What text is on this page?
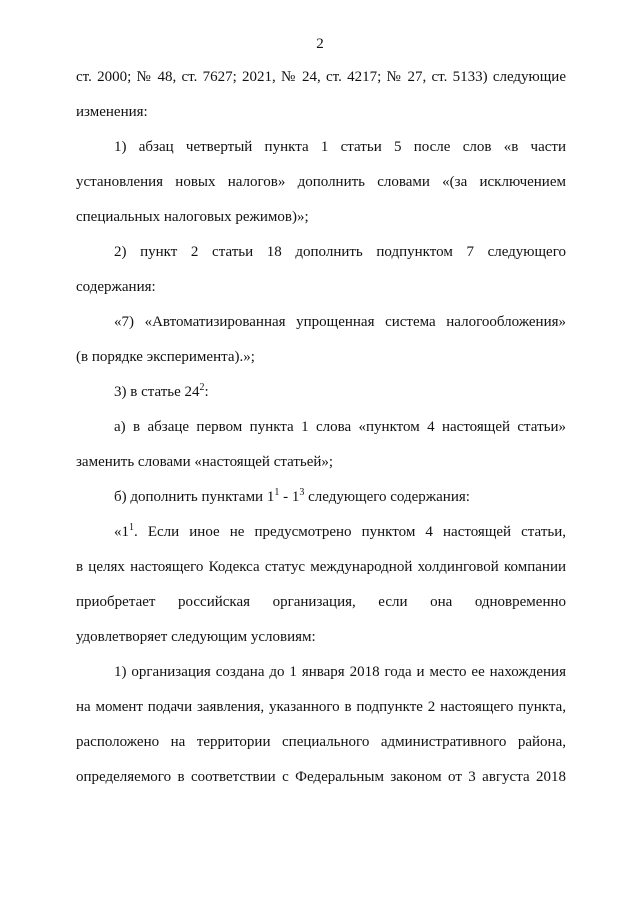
2
ст. 2000; № 48, ст. 7627; 2021, № 24, ст. 4217; № 27, ст. 5133) следующие
изменения:
1) абзац четвертый пункта 1 статьи 5 после слов «в части
установления новых налогов» дополнить словами «(за исключением
специальных налоговых режимов)»;
2) пункт 2 статьи 18 дополнить подпунктом 7 следующего
содержания:
«7) «Автоматизированная упрощенная система налогообложения»
(в порядке эксперимента).»;
3) в статье $24^2$:
а) в абзаце первом пункта 1 слова «пунктом 4 настоящей статьи»
заменить словами «настоящей статьей»;
б) дополнить пунктами $1^1 - 1^3$ следующего содержания:
«$1^1$. Если иное не предусмотрено пунктом 4 настоящей статьи,
в целях настоящего Кодекса статус международной холдинговой компании
приобретает российская организация, если она одновременно
удовлетворяет следующим условиям:
1) организация создана до 1 января 2018 года и место ее нахождения
на момент подачи заявления, указанного в подпункте 2 настоящего пункта,
расположено на территории специального административного района,
определяемого в соответствии с Федеральным законом от 3 августа 2018
